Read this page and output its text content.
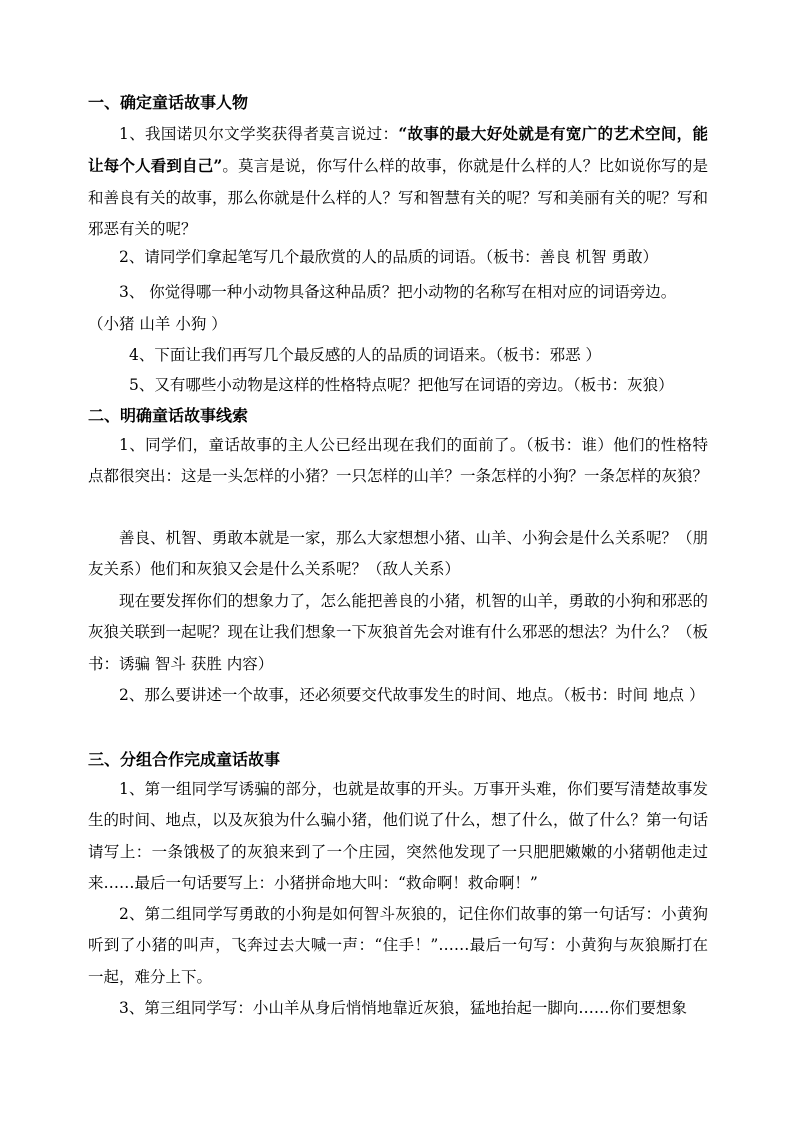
一、确定童话故事人物
1、我国诺贝尔文学奖获得者莫言说过：“故事的最大好处就是有宽广的艺术空间，能让每个人看到自己”。莫言是说，你写什么样的故事，你就是什么样的人？比如说你写的是和善良有关的故事，那么你就是什么样的人？写和智慧有关的呢？写和美丽有关的呢？写和邪恶有关的呢？
2、请同学们拿起笔写几个最欣赏的人的品质的词语。（板书：善良 机智 勇敢）
3、 你觉得哪一种小动物具备这种品质？把小动物的名称写在相对应的词语旁边。
（小猪 山羊 小狗 ）
4、下面让我们再写几个最反感的人的品质的词语来。（板书：邪恶 ）
5、又有哪些小动物是这样的性格特点呢？把他写在词语的旁边。（板书：灰狼）
二、明确童话故事线索
1、同学们，童话故事的主人公已经出现在我们的面前了。（板书：谁）他们的性格特点都很突出：这是一头怎样的小猪？一只怎样的山羊？一条怎样的小狗？一条怎样的灰狼？
善良、机智、勇敢本就是一家，那么大家想想小猪、山羊、小狗会是什么关系呢？（朋友关系）他们和灰狼又会是什么关系呢？（敌人关系）
现在要发挥你们的想象力了，怎么能把善良的小猪，机智的山羊，勇敢的小狗和邪恶的灰狼关联到一起呢？现在让我们想象一下灰狼首先会对谁有什么邪恶的想法？为什么？（板书：诱骗 智斗 获胜 内容）
2、那么要讲述一个故事，还必须要交代故事发生的时间、地点。（板书：时间 地点 ）
三、分组合作完成童话故事
1、第一组同学写诱骗的部分，也就是故事的开头。万事开头难，你们要写清楚故事发生的时间、地点，以及灰狼为什么骗小猪，他们说了什么，想了什么，做了什么？第一句话请写上：一条饿极了的灰狼来到了一个庄园，突然他发现了一只肥肥嫩嫩的小猪朝他走过来……最后一句话要写上：小猪拼命地大叫：“救命啊！救命啊！”
2、第二组同学写勇敢的小狗是如何智斗灰狼的，记住你们故事的第一句话写：小黄狗听到了小猪的叫声，飞奔过去大喊一声：“住手！”……最后一句写：小黄狗与灰狼厮打在一起，难分上下。
3、第三组同学写：小山羊从身后悄悄地靠近灰狼，猛地抬起一脚向……你们要想象
